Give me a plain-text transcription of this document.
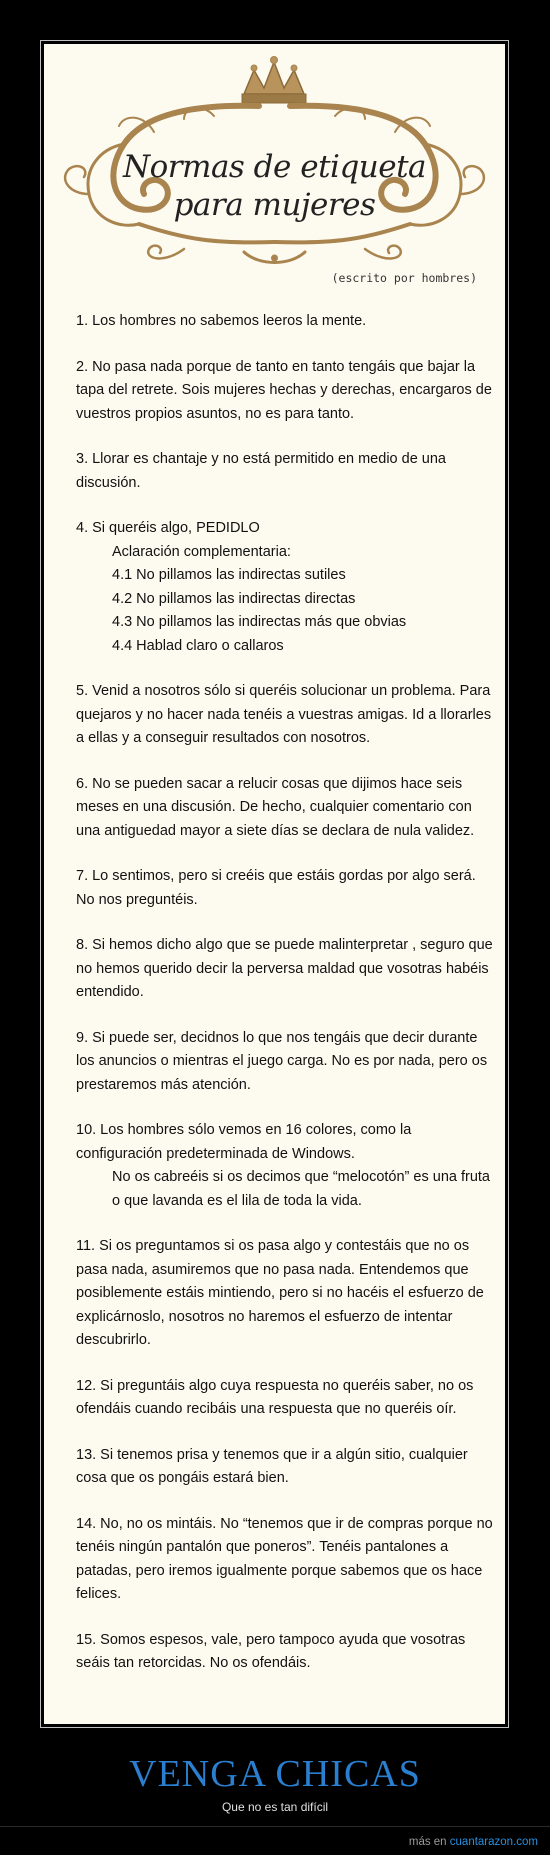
Normas de etiqueta
para mujeres
(escrito por hombres)
1. Los hombres no sabemos leeros la mente.
2. No pasa nada porque de tanto en tanto tengáis que bajar la tapa del retrete. Sois mujeres hechas y derechas, encargaros de vuestros propios asuntos, no es para tanto.
3. Llorar es chantaje y no está permitido en medio de una discusión.
4. Si queréis algo, PEDIDLO
Aclaración complementaria:
4.1 No pillamos las indirectas sutiles
4.2 No pillamos las indirectas directas
4.3 No pillamos las indirectas más que obvias
4.4 Hablad claro o callaros
5. Venid a nosotros sólo si queréis solucionar un problema. Para quejaros y no hacer nada tenéis a vuestras amigas. Id a llorarles a ellas y a conseguir resultados con nosotros.
6. No se pueden sacar a relucir cosas que dijimos hace seis meses en una discusión. De hecho, cualquier comentario con una antiguedad mayor a siete días se declara de nula validez.
7. Lo sentimos, pero si creéis que estáis gordas por algo será. No nos preguntéis.
8. Si hemos dicho algo que se puede malinterpretar , seguro que no hemos querido decir la perversa maldad que vosotras habéis entendido.
9. Si puede ser, decidnos lo que nos tengáis que decir durante los anuncios o mientras el juego carga. No es por nada, pero os prestaremos más atención.
10. Los hombres sólo vemos en 16 colores, como la configuración predeterminada de Windows.
No os cabreéis si os decimos que “melocotón” es una fruta o que lavanda es el lila de toda la vida.
11. Si os preguntamos si os pasa algo y contestáis que no os pasa nada, asumiremos que no pasa nada. Entendemos que posiblemente estáis mintiendo, pero si no hacéis el esfuerzo de explicárnoslo, nosotros no haremos el esfuerzo de intentar descubrirlo.
12. Si preguntáis algo cuya respuesta no queréis saber, no os ofendáis cuando recibáis una respuesta que no queréis oír.
13. Si tenemos prisa y tenemos que ir a algún sitio, cualquier cosa que os pongáis estará bien.
14. No, no os mintáis. No “tenemos que ir de compras porque no tenéis ningún pantalón que poneros”. Tenéis pantalones a patadas, pero iremos igualmente porque sabemos que os hace felices.
15. Somos espesos, vale, pero tampoco ayuda que vosotras seáis tan retorcidas. No os ofendáis.
VENGA CHICAS
Que no es tan difícil
más en cuantarazon.com
